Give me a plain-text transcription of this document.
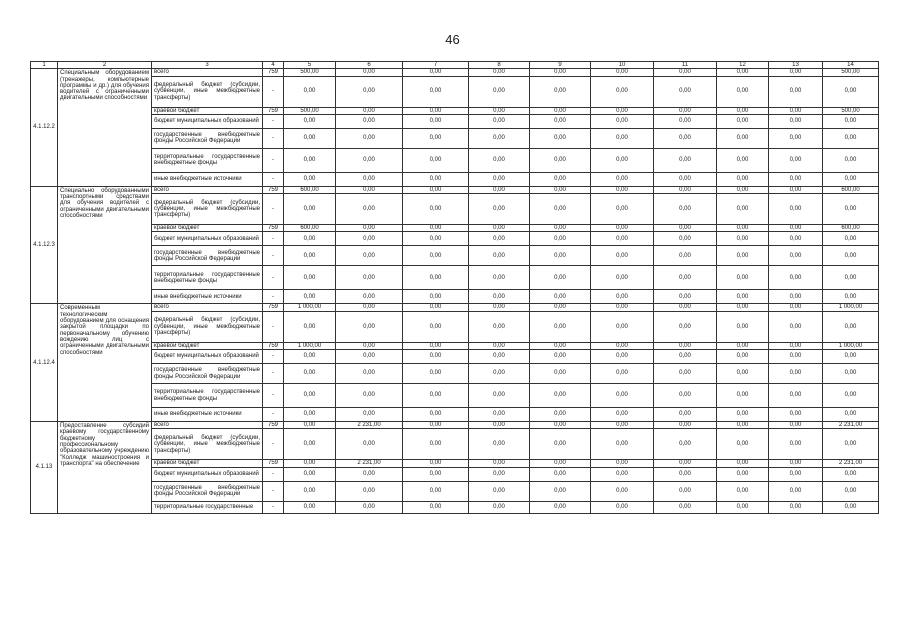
46
1	2	3	4	5	6	7	8	9	10	11	12	13	14
4.1.12.2	Специальным оборудованием (тренажеры, компьютерные программы и др.) для обучения водителей с ограниченными двигательными способностями	всего	759	500,00	0,00	0,00	0,00	0,00	0,00	0,00	0,00	0,00	500,00
		федеральный бюджет (субсидии, субвенции, иные межбюджетные трансферты)	-	0,00	0,00	0,00	0,00	0,00	0,00	0,00	0,00	0,00	0,00
		краевой бюджет	759	500,00	0,00	0,00	0,00	0,00	0,00	0,00	0,00	0,00	500,00
		бюджет муниципальных образований	-	0,00	0,00	0,00	0,00	0,00	0,00	0,00	0,00	0,00	0,00
		государственные внебюджетные фонды Российской Федерации	-	0,00	0,00	0,00	0,00	0,00	0,00	0,00	0,00	0,00	0,00
		территориальные государственные внебюджетные фонды	-	0,00	0,00	0,00	0,00	0,00	0,00	0,00	0,00	0,00	0,00
		иные внебюджетные источники	-	0,00	0,00	0,00	0,00	0,00	0,00	0,00	0,00	0,00	0,00
4.1.12.3	Специально оборудованными транспортными средствами для обучения водителей с ограниченными двигательными способностями	всего	759	600,00	0,00	0,00	0,00	0,00	0,00	0,00	0,00	0,00	600,00
		федеральный бюджет (субсидии, субвенции, иные межбюджетные трансферты)	-	0,00	0,00	0,00	0,00	0,00	0,00	0,00	0,00	0,00	0,00
		краевой бюджет	759	600,00	0,00	0,00	0,00	0,00	0,00	0,00	0,00	0,00	600,00
		бюджет муниципальных образований	-	0,00	0,00	0,00	0,00	0,00	0,00	0,00	0,00	0,00	0,00
		государственные внебюджетные фонды Российской Федерации	-	0,00	0,00	0,00	0,00	0,00	0,00	0,00	0,00	0,00	0,00
		территориальные государственные внебюджетные фонды	-	0,00	0,00	0,00	0,00	0,00	0,00	0,00	0,00	0,00	0,00
		иные внебюджетные источники	-	0,00	0,00	0,00	0,00	0,00	0,00	0,00	0,00	0,00	0,00
4.1.12.4	Современным технологическим оборудованием для оснащения закрытой площадки по первоначальному обучению вождению лиц с ограниченными двигательными способностями	всего	759	1 000,00	0,00	0,00	0,00	0,00	0,00	0,00	0,00	0,00	1 000,00
		федеральный бюджет (субсидии, субвенции, иные межбюджетные трансферты)	-	0,00	0,00	0,00	0,00	0,00	0,00	0,00	0,00	0,00	0,00
		краевой бюджет	759	1 000,00	0,00	0,00	0,00	0,00	0,00	0,00	0,00	0,00	1 000,00
		бюджет муниципальных образований	-	0,00	0,00	0,00	0,00	0,00	0,00	0,00	0,00	0,00	0,00
		государственные внебюджетные фонды Российской Федерации	-	0,00	0,00	0,00	0,00	0,00	0,00	0,00	0,00	0,00	0,00
		территориальные государственные внебюджетные фонды	-	0,00	0,00	0,00	0,00	0,00	0,00	0,00	0,00	0,00	0,00
		иные внебюджетные источники	-	0,00	0,00	0,00	0,00	0,00	0,00	0,00	0,00	0,00	0,00
4.1.13	Предоставление субсидий краевому государственному бюджетному профессиональному образовательному учреждению "Колледж машиностроения и транспорта" на обеспечение	всего	759	0,00	2 231,00	0,00	0,00	0,00	0,00	0,00	0,00	0,00	2 231,00
		федеральный бюджет (субсидии, субвенции, иные межбюджетные трансферты)	-	0,00	0,00	0,00	0,00	0,00	0,00	0,00	0,00	0,00	0,00
		краевой бюджет	759	0,00	2 231,00	0,00	0,00	0,00	0,00	0,00	0,00	0,00	2 231,00
		бюджет муниципальных образований	-	0,00	0,00	0,00	0,00	0,00	0,00	0,00	0,00	0,00	0,00
		государственные внебюджетные фонды Российской Федерации	-	0,00	0,00	0,00	0,00	0,00	0,00	0,00	0,00	0,00	0,00
		территориальные государственные	-	0,00	0,00	0,00	0,00	0,00	0,00	0,00	0,00	0,00	0,00
